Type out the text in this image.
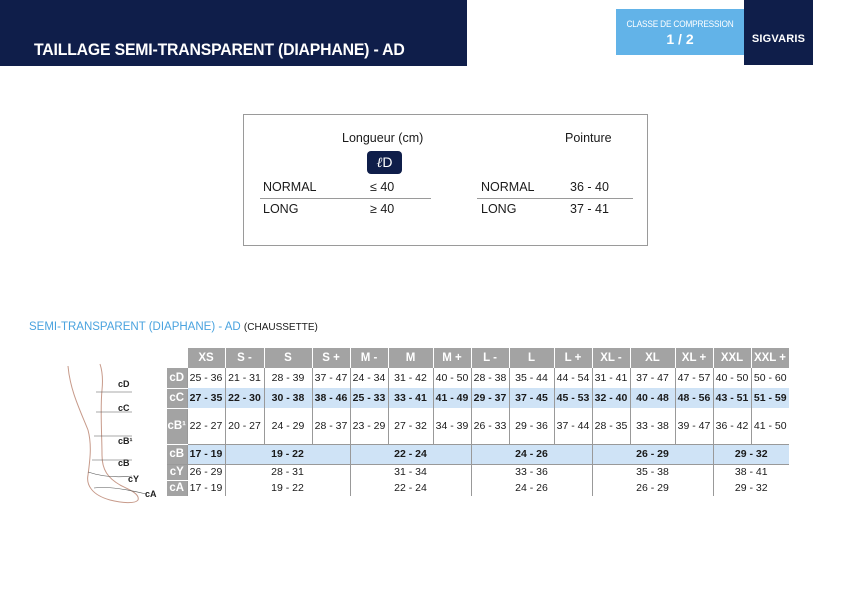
TAILLAGE SEMI-TRANSPARENT (DIAPHANE) - AD
CLASSE DE COMPRESSION
1 / 2	SIGVARIS
Longueur (cm)	Pointure
ℓD
NORMAL	≤ 40	NORMAL	36 - 40
LONG	≥ 40	LONG	37 - 41
SEMI-TRANSPARENT (DIAPHANE) - AD (CHAUSSETTE)
cD
cC
cB¹
cB
cY
cA
	XS	S -	S	S +	M -	M	M +	L -	L	L +	XL -	XL	XL +	XXL	XXL +
cD	25 - 36	21 - 31	28 - 39	37 - 47	24 - 34	31 - 42	40 - 50	28 - 38	35 - 44	44 - 54	31 - 41	37 - 47	47 - 57	40 - 50	50 - 60
cC	27 - 35	22 - 30	30 - 38	38 - 46	25 - 33	33 - 41	41 - 49	29 - 37	37 - 45	45 - 53	32 - 40	40 - 48	48 - 56	43 - 51	51 - 59
cB¹	22 - 27	20 - 27	24 - 29	28 - 37	23 - 29	27 - 32	34 - 39	26 - 33	29 - 36	37 - 44	28 - 35	33 - 38	39 - 47	36 - 42	41 - 50
cB	17 - 19	19 - 22			22 - 24			24 - 26			26 - 29			29 - 32	
cY	26 - 29	28 - 31			31 - 34			33 - 36			35 - 38			38 - 41	
cA	17 - 19	19 - 22			22 - 24			24 - 26			26 - 29			29 - 32	
